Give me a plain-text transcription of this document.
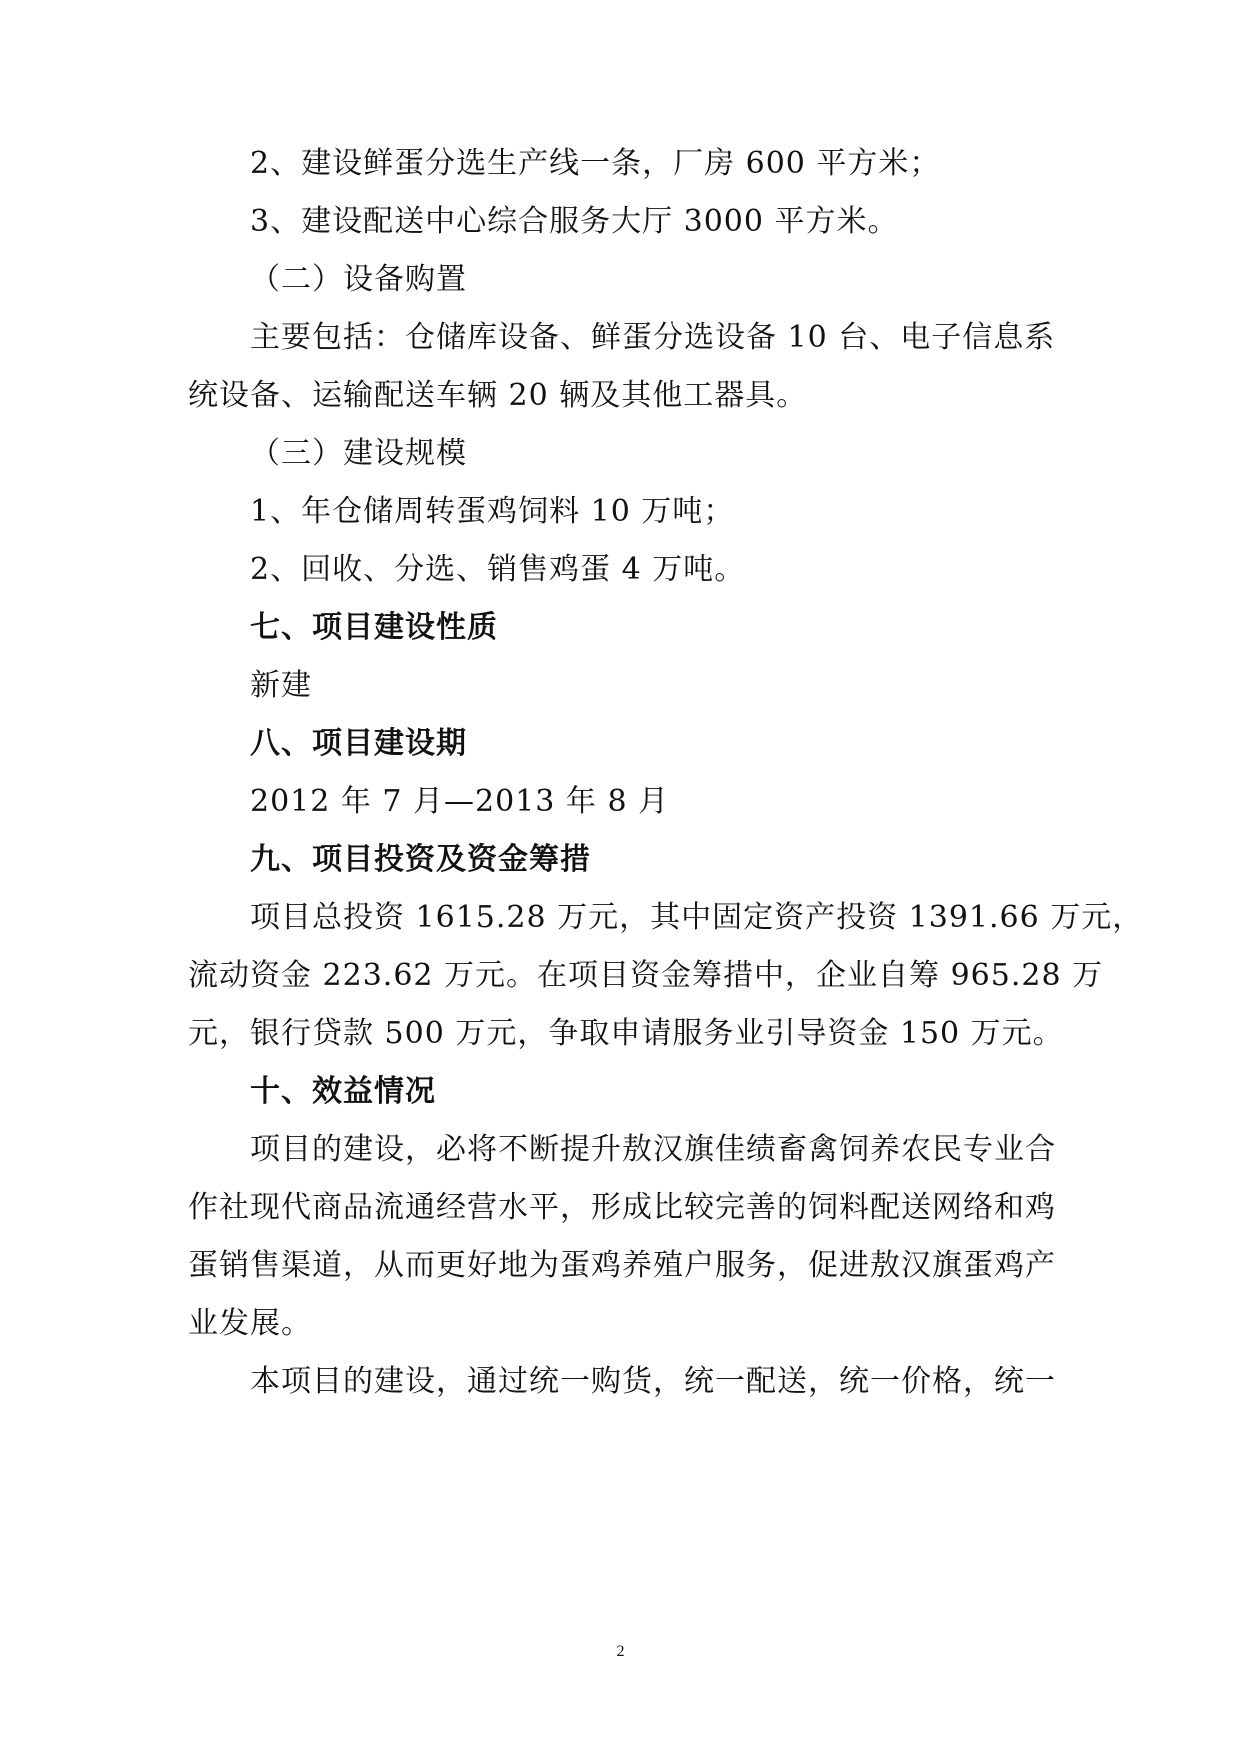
2、建设鲜蛋分选生产线一条，厂房 600 平方米；
3、建设配送中心综合服务大厅 3000 平方米。
（二）设备购置
主要包括：仓储库设备、鲜蛋分选设备 10 台、电子信息系
统设备、运输配送车辆 20 辆及其他工器具。
（三）建设规模
1、年仓储周转蛋鸡饲料 10 万吨；
2、回收、分选、销售鸡蛋 4 万吨。
七、项目建设性质
新建
八、项目建设期
2012 年 7 月—2013 年 8 月
九、项目投资及资金筹措
项目总投资 1615.28 万元，其中固定资产投资 1391.66 万元，
流动资金 223.62 万元。在项目资金筹措中，企业自筹 965.28 万
元，银行贷款 500 万元，争取申请服务业引导资金 150 万元。
十、效益情况
项目的建设，必将不断提升敖汉旗佳绩畜禽饲养农民专业合
作社现代商品流通经营水平，形成比较完善的饲料配送网络和鸡
蛋销售渠道，从而更好地为蛋鸡养殖户服务，促进敖汉旗蛋鸡产
业发展。
本项目的建设，通过统一购货，统一配送，统一价格，统一
2
